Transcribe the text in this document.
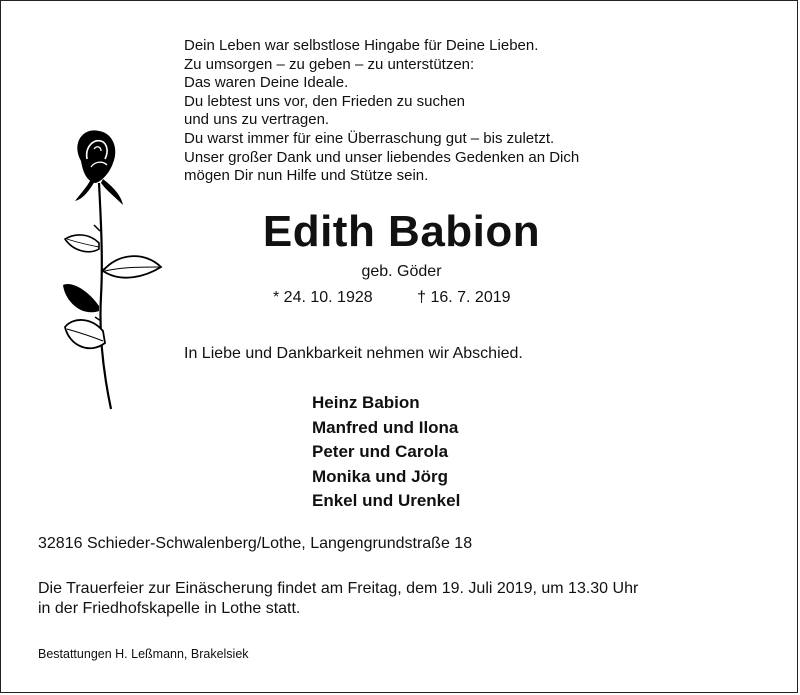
Dein Leben war selbstlose Hingabe für Deine Lieben.
Zu umsorgen – zu geben – zu unterstützen:
Das waren Deine Ideale.
Du lebtest uns vor, den Frieden zu suchen
und uns zu vertragen.
Du warst immer für eine Überraschung gut – bis zuletzt.
Unser großer Dank und unser liebendes Gedenken an Dich
mögen Dir nun Hilfe und Stütze sein.
Edith Babion
geb. Göder
* 24. 10. 1928	† 16. 7. 2019
In Liebe und Dankbarkeit nehmen wir Abschied.
Heinz Babion
Manfred und Ilona
Peter und Carola
Monika und Jörg
Enkel und Urenkel
32816 Schieder-Schwalenberg/Lothe, Langengrundstraße 18
Die Trauerfeier zur Einäscherung findet am Freitag, dem 19. Juli 2019, um 13.30 Uhr
in der Friedhofskapelle in Lothe statt.
Bestattungen H. Leßmann, Brakelsiek
